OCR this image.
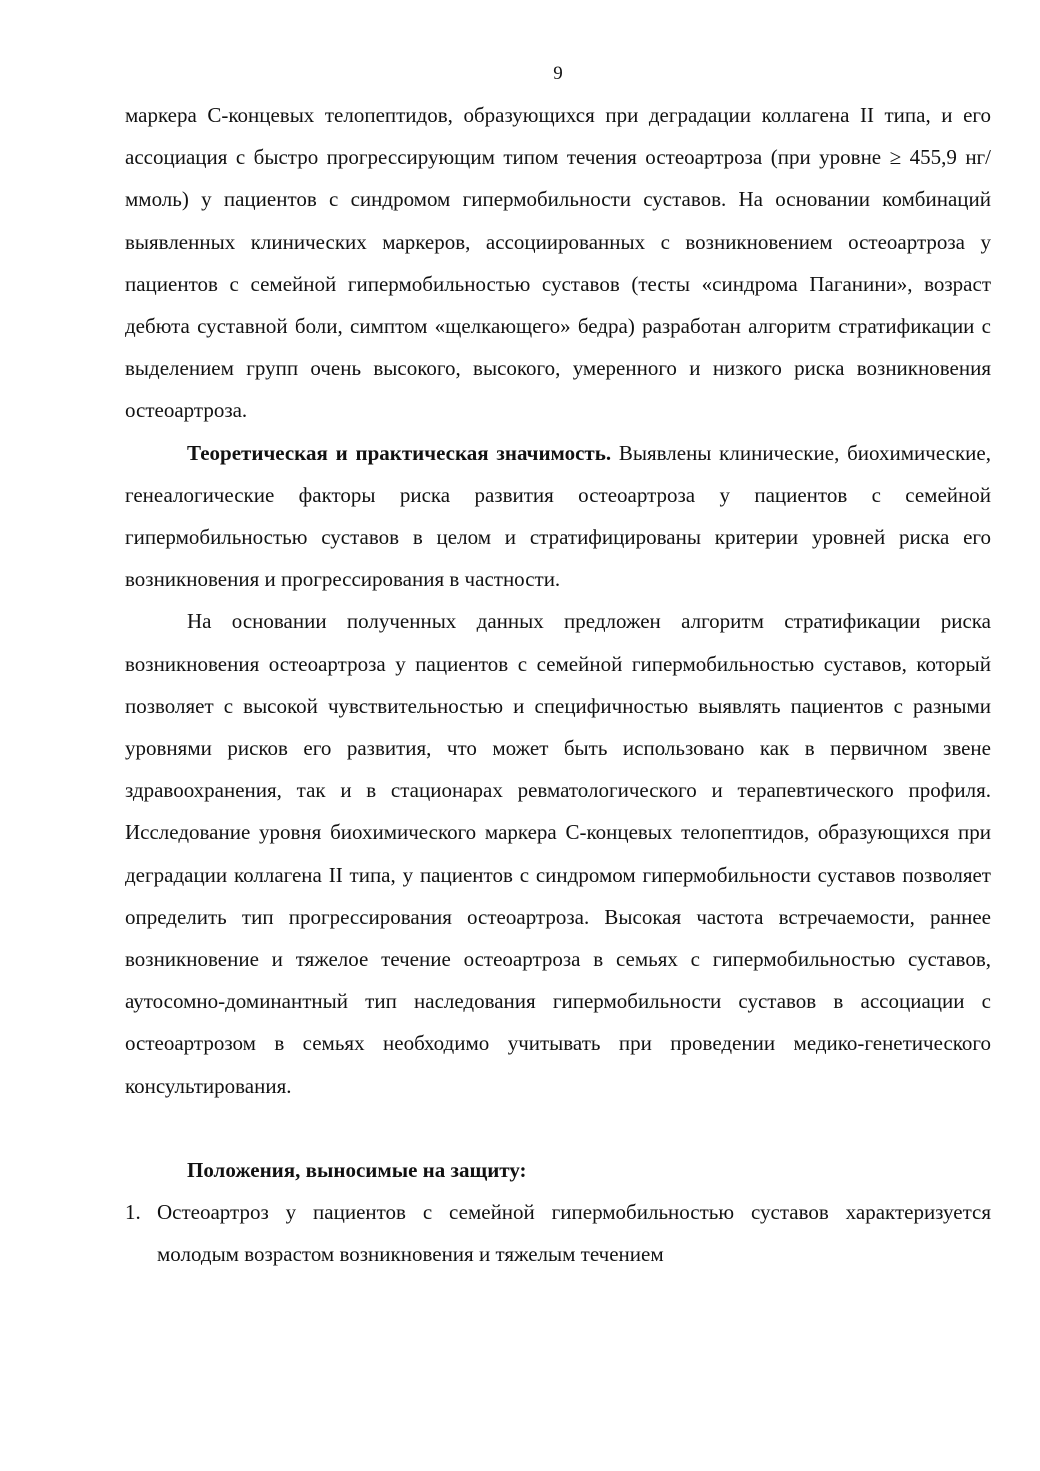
9

маркера С-концевых телопептидов, образующихся при деградации коллагена II типа, и его ассоциация с быстро прогрессирующим типом течения остеоартроза (при уровне ≥ 455,9 нг/ммоль) у пациентов с синдромом гипермобильности суставов. На основании комбинаций выявленных клинических маркеров, ассоциированных с возникновением остеоартроза у пациентов с семейной гипермобильностью суставов (тесты «синдрома Паганини», возраст дебюта суставной боли, симптом «щелкающего» бедра) разработан алгоритм стратификации с выделением групп очень высокого, высокого, умеренного и низкого риска возникновения остеоартроза.

Теоретическая и практическая значимость. Выявлены клинические, биохимические, генеалогические факторы риска развития остеоартроза у пациентов с семейной гипермобильностью суставов в целом и стратифицированы критерии уровней риска его возникновения и прогрессирования в частности.

На основании полученных данных предложен алгоритм стратификации риска возникновения остеоартроза у пациентов с семейной гипермобильностью суставов, который позволяет с высокой чувствительностью и специфичностью выявлять пациентов с разными уровнями рисков его развития, что может быть использовано как в первичном звене здравоохранения, так и в стационарах ревматологического и терапевтического профиля. Исследование уровня биохимического маркера С-концевых телопептидов, образующихся при деградации коллагена II типа, у пациентов с синдромом гипермобильности суставов позволяет определить тип прогрессирования остеоартроза. Высокая частота встречаемости, раннее возникновение и тяжелое течение остеоартроза в семьях с гипермобильностью суставов, аутосомно-доминантный тип наследования гипермобильности суставов в ассоциации с остеоартрозом в семьях необходимо учитывать при проведении медико-генетического консультирования.

Положения, выносимые на защиту:

1. Остеоартроз у пациентов с семейной гипермобильностью суставов характеризуется молодым возрастом возникновения и тяжелым течением
